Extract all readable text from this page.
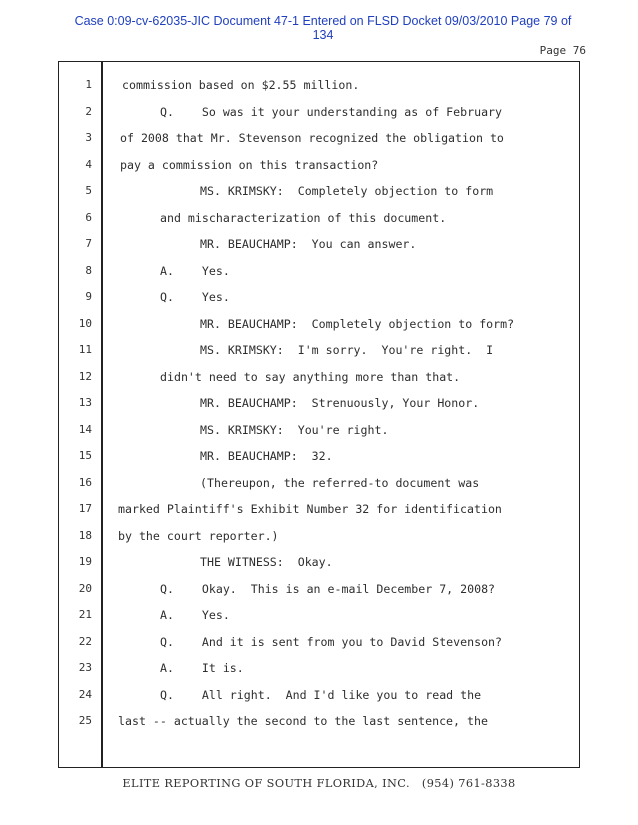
Case 0:09-cv-62035-JIC Document 47-1 Entered on FLSD Docket 09/03/2010 Page 79 of
134
Page 76
1	commission based on $2.55 million.
2	Q.    So was it your understanding as of February
3 of 2008 that Mr. Stevenson recognized the obligation to
4 pay a commission on this transaction?
5	MS. KRIMSKY:  Completely objection to form
6	and mischaracterization of this document.
7	MR. BEAUCHAMP:  You can answer.
8	A.    Yes.
9	Q.    Yes.
10	MR. BEAUCHAMP:  Completely objection to form?
11	MS. KRIMSKY:  I'm sorry.  You're right.  I
12	didn't need to say anything more than that.
13	MR. BEAUCHAMP:  Strenuously, Your Honor.
14	MS. KRIMSKY:  You're right.
15	MR. BEAUCHAMP:  32.
16	(Thereupon, the referred-to document was
17 marked Plaintiff's Exhibit Number 32 for identification
18 by the court reporter.)
19	THE WITNESS:  Okay.
20	Q.    Okay.  This is an e-mail December 7, 2008?
21	A.    Yes.
22	Q.    And it is sent from you to David Stevenson?
23	A.    It is.
24	Q.    All right.  And I'd like you to read the
25 last -- actually the second to the last sentence, the
ELITE REPORTING OF SOUTH FLORIDA, INC.   (954) 761-8338
